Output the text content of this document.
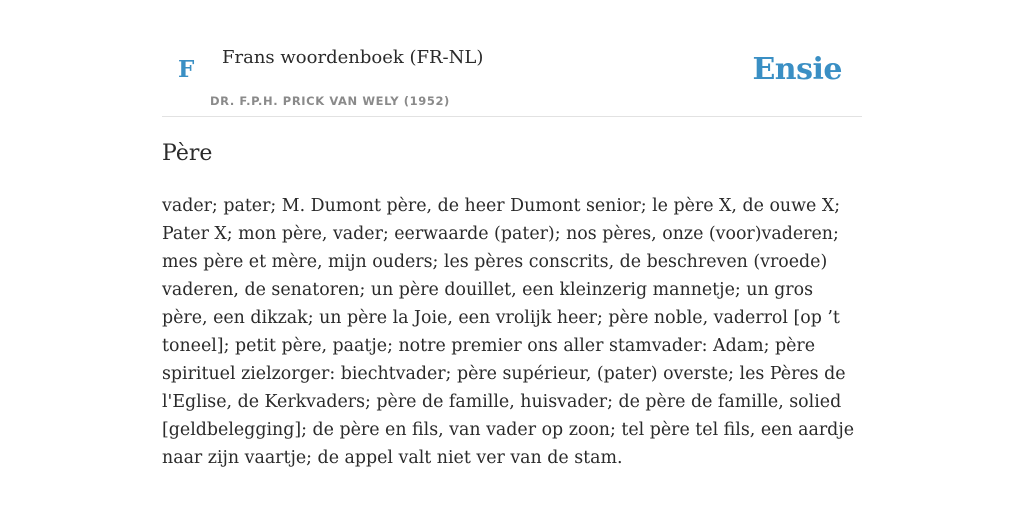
F Frans woordenboek (FR-NL)
DR. F.P.H. PRICK VAN WELY (1952)
Ensie
Père

vader; pater; M. Dumont père, de heer Dumont senior; le père X, de ouwe X; Pater X; mon père, vader; eerwaarde (pater); nos pères, onze (voor)vaderen; mes père et mère, mijn ouders; les pères conscrits, de beschreven (vroede) vaderen, de senatoren; un père douillet, een kleinzerig mannetje; un gros père, een dikzak; un père la Joie, een vrolijk heer; père noble, vaderrol [op ’t toneel]; petit père, paatje; notre premier ons aller stamvader: Adam; père spirituel zielzorger: biechtvader; père supérieur, (pater) overste; les Pères de l'Eglise, de Kerkvaders; père de famille, huisvader; de père de famille, solied [geldbelegging]; de père en fils, van vader op zoon; tel père tel fils, een aardje naar zijn vaartje; de appel valt niet ver van de stam.
